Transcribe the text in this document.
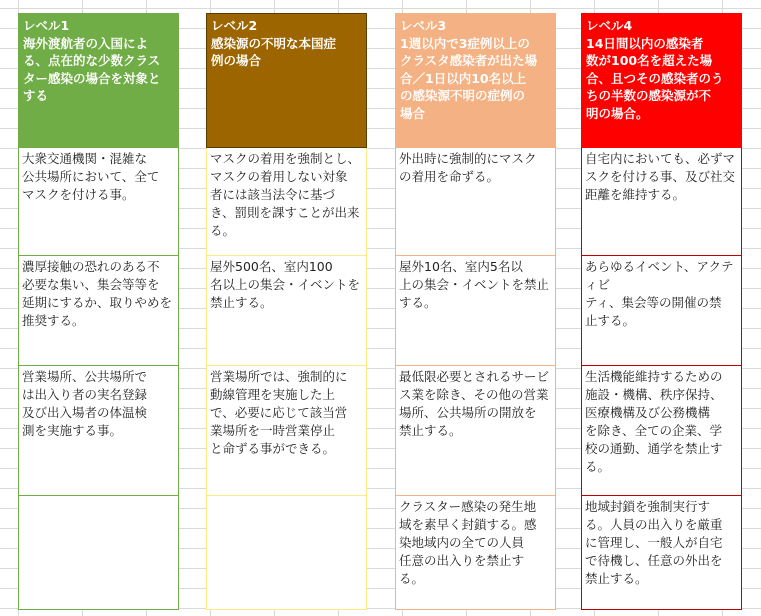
レベル1
海外渡航者の入国によ
る、点在的な少数クラス
ター感染の場合を対象と
する
大衆交通機関・混雑な
公共場所において、全て
マスクを付ける事。
濃厚接触の恐れのある不
必要な集い、集会等等を
延期にするか、取りやめを
推奨する。
営業場所、公共場所で
は出入り者の実名登録
及び出入場者の体温検
測を実施する事。
レベル2
感染源の不明な本国症
例の場合
マスクの着用を強制とし、
マスクの着用しない対象
者には該当法令に基づ
き、罰則を課すことが出来
る。
屋外500名、室内100
名以上の集会・イベントを
禁止する。
営業場所では、強制的に
動線管理を実施した上
で、必要に応じて該当営
業場所を一時営業停止
と命ずる事ができる。
レベル3
1週以内で3症例以上の
クラスタ感染者が出た場
合／1日以内10名以上
の感染源不明の症例の
場合
外出時に強制的にマスク
の着用を命ずる。
屋外10名、室内5名以
上の集会・イベントを禁止
する。
最低限必要とされるサービ
ス業を除き、その他の営業
場所、公共場所の開放を
禁止する。
クラスター感染の発生地
域を素早く封鎖する。感
染地域内の全ての人員
任意の出入りを禁止す
る。
レベル4
14日間以内の感染者
数が100名を超えた場
合、且つその感染者のう
ちの半数の感染源が不
明の場合。
自宅内においても、必ずマ
スクを付ける事、及び社交
距離を維持する。
あらゆるイベント、アクティビ
ティ、集会等の開催の禁
止する。
生活機能維持するための
施設・機構、秩序保持、
医療機構及び公務機構
を除き、全ての企業、学
校の通勤、通学を禁止す
る。
地域封鎖を強制実行す
る。人員の出入りを厳重
に管理し、一般人が自宅
で待機し、任意の外出を
禁止する。
